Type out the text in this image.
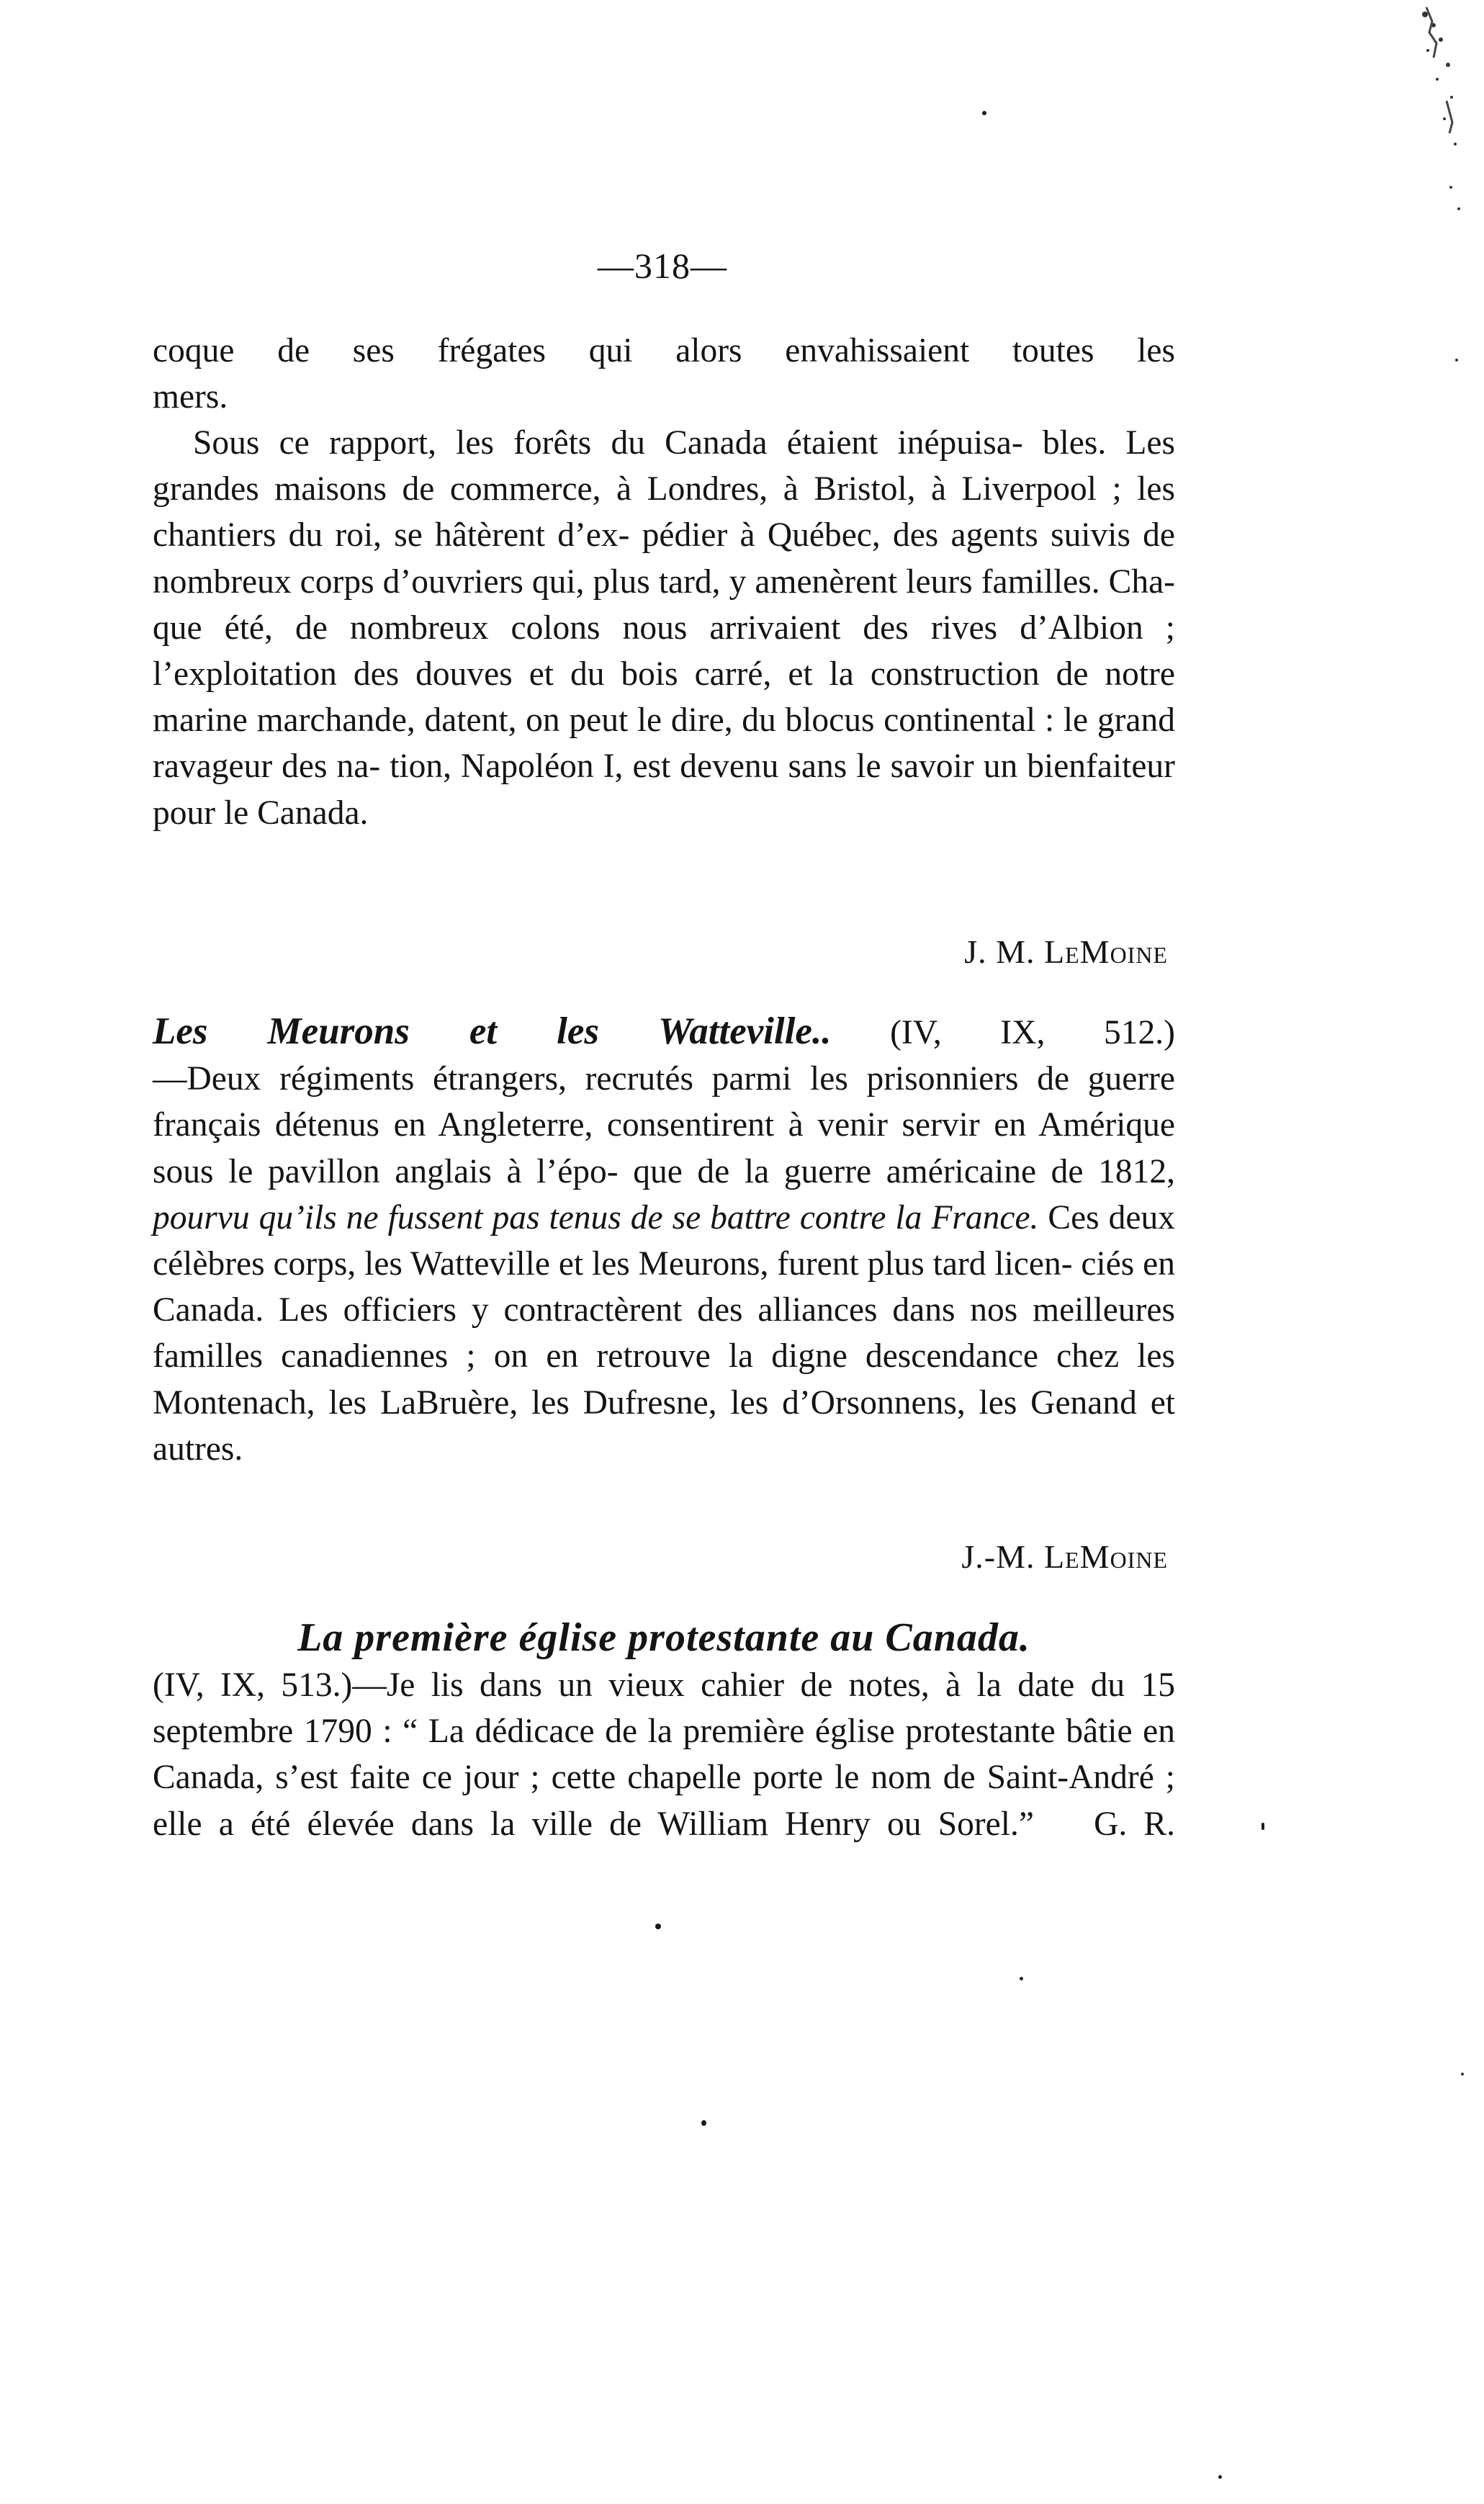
—318—

coque de ses frégates qui alors envahissaient toutes les

mers.

Sous ce rapport, les forêts du Canada étaient inépuisa- bles. Les grandes maisons de commerce, à Londres, à Bristol, à Liverpool ; les chantiers du roi, se hâtèrent d’ex- pédier à Québec, des agents suivis de nombreux corps d’ouvriers qui, plus tard, y amenèrent leurs familles. Cha- que été, de nombreux colons nous arrivaient des rives d’Albion ; l’exploitation des douves et du bois carré, et la construction de notre marine marchande, datent, on peut le dire, du blocus continental : le grand ravageur des na- tion, Napoléon I, est devenu sans le savoir un bienfaiteur pour le Canada.

J. M. LeMoine

Les Meurons et les Watteville.. (IV, IX, 512.)

—Deux régiments étrangers, recrutés parmi les prisonniers de guerre français détenus en Angleterre, consentirent à venir servir en Amérique sous le pavillon anglais à l’épo- que de la guerre américaine de 1812, pourvu qu’ils ne fussent pas tenus de se battre contre la France. Ces deux célèbres corps, les Watteville et les Meurons, furent plus tard licen- ciés en Canada. Les officiers y contractèrent des alliances dans nos meilleures familles canadiennes ; on en retrouve la digne descendance chez les Montenach, les LaBruère, les Dufresne, les d’Orsonnens, les Genand et autres.

J.-M. LeMoine

La première église protestante au Canada.

(IV, IX, 513.)—Je lis dans un vieux cahier de notes, à la date du 15 septembre 1790 : “ La dédicace de la première église protestante bâtie en Canada, s’est faite ce jour ; cette chapelle porte le nom de Saint-André ; elle a été élevée dans la ville de William Henry ou Sorel.” G. R.
